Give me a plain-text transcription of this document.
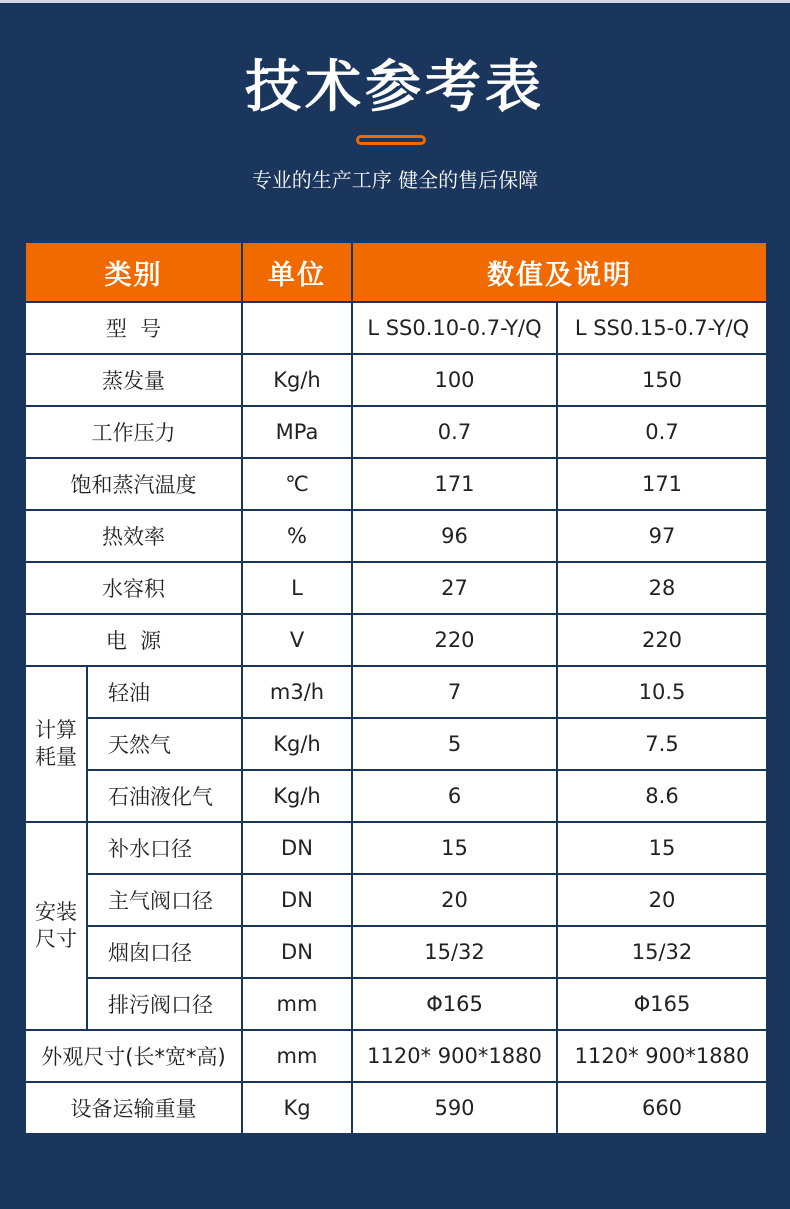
技术参考表
专业的生产工序 健全的售后保障
类别		单位	数值及说明	
型  号			L SS0.10-0.7-Y/Q	L SS0.15-0.7-Y/Q
蒸发量		Kg/h	100	150
工作压力		MPa	0.7	0.7
饱和蒸汽温度		℃	171	171
热效率		%	96	97
水容积		L	27	28
电  源		V	220	220
计算耗量	轻油	m3/h	7	10.5
	天然气	Kg/h	5	7.5
	石油液化气	Kg/h	6	8.6
安装尺寸	补水口径	DN	15	15
	主气阀口径	DN	20	20
	烟囱口径	DN	15/32	15/32
	排污阀口径	mm	Φ165	Φ165
外观尺寸(长*宽*高)		mm	1120* 900*1880	1120* 900*1880
设备运输重量		Kg	590	660
